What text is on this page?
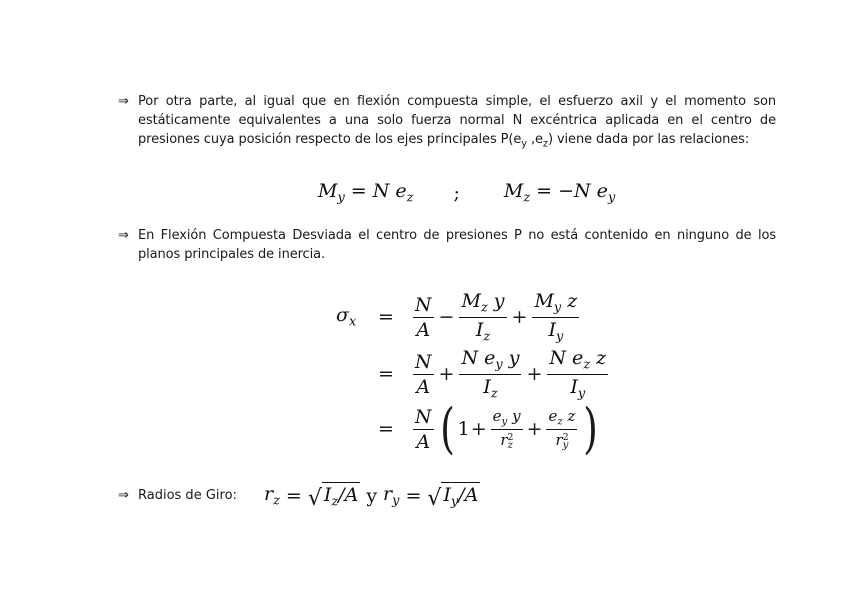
⇒ Por otra parte, al igual que en flexión compuesta simple, el esfuerzo axil y el momento son estáticamente equivalentes a una solo fuerza normal N excéntrica aplicada en el centro de presiones cuya posición respecto de los ejes principales $P(e_y$ $,e_z$) viene dada por las relaciones:
$M_y = N$ $e_z$ ; $M_z = -N$ $e_y$
⇒ En Flexión Compuesta Desviada el centro de presiones P no está contenido en ninguno de los planos principales de inercia.
$\sigma_x$	= $\frac{N}{A} - \frac{M_z y}{I_z} + \frac{M_y z}{I_y}$
= $\frac{N}{A} + \frac{N e_y y}{I_z} + \frac{N e_z z}{I_y}$
= $\frac{N}{A}$ ( $1 + \frac{e_y y}{r^2_z} + \frac{e_z z}{r^2_y}$ )
⇒ Radios de Giro:	$r_z$ = √ $I_z/A$ y $r_y$ = √ $I_y/A$
